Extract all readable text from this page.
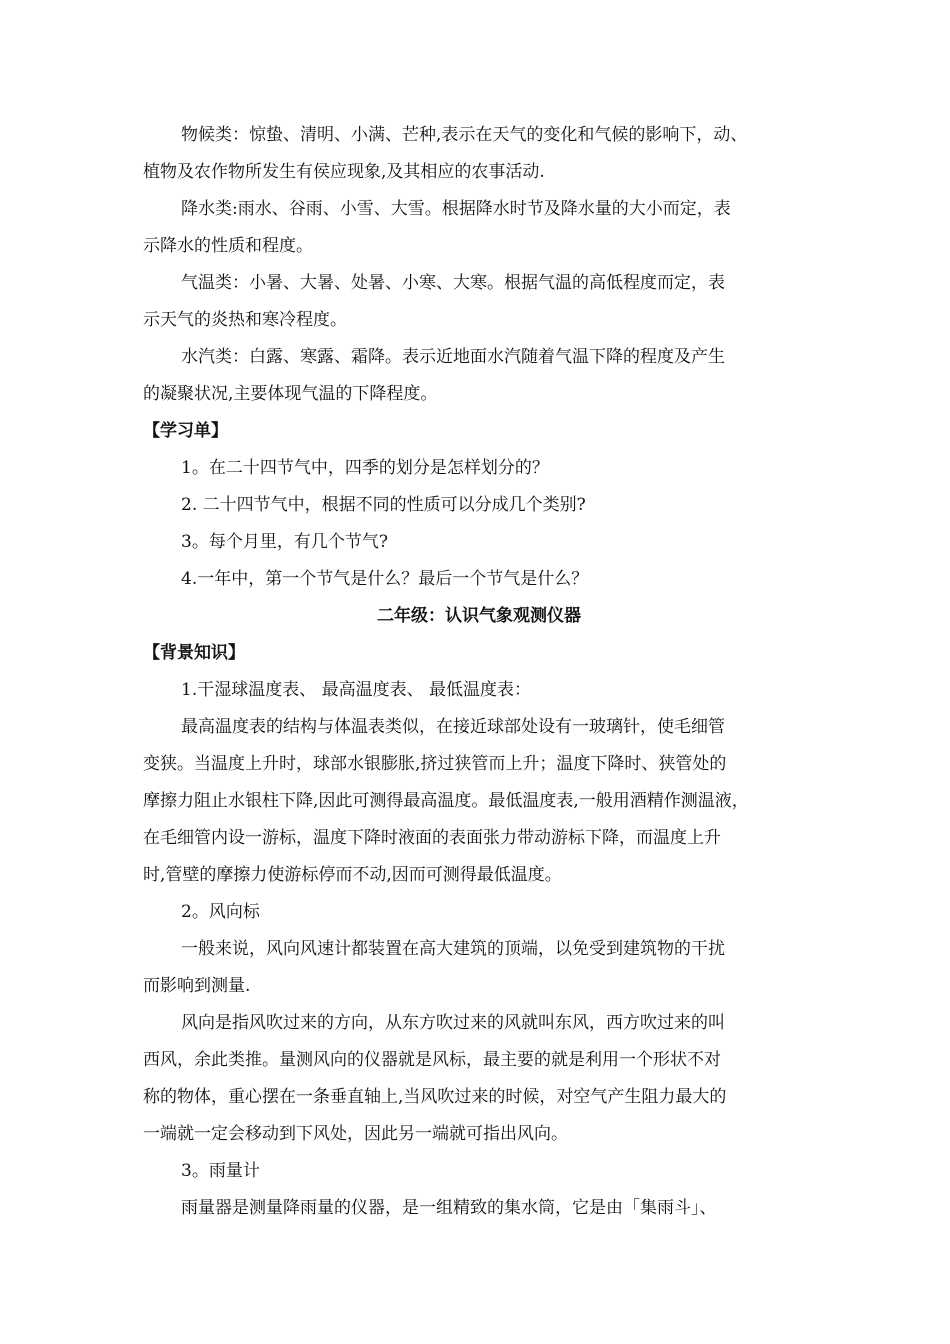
物候类：惊蛰、清明、小满、芒种,表示在天气的变化和气候的影响下，动、

植物及农作物所发生有侯应现象,及其相应的农事活动.

降水类:雨水、谷雨、小雪、大雪。根据降水时节及降水量的大小而定，表

示降水的性质和程度。

气温类：小暑、大暑、处暑、小寒、大寒。根据气温的高低程度而定，表

示天气的炎热和寒冷程度。

水汽类：白露、寒露、霜降。表示近地面水汽随着气温下降的程度及产生

的凝聚状况,主要体现气温的下降程度。

【学习单】

1。在二十四节气中，四季的划分是怎样划分的？

2. 二十四节气中，根据不同的性质可以分成几个类别?

3。每个月里，有几个节气?

4.一年中，第一个节气是什么？最后一个节气是什么？

二年级：认识气象观测仪器

【背景知识】

1.干湿球温度表、 最高温度表、 最低温度表：

最高温度表的结构与体温表类似，在接近球部处设有一玻璃针，使毛细管

变狭。当温度上升时，球部水银膨胀,挤过狭管而上升；温度下降时、狭管处的

摩擦力阻止水银柱下降,因此可测得最高温度。最低温度表,一般用酒精作测温液，

在毛细管内设一游标，温度下降时液面的表面张力带动游标下降，而温度上升

时,管壁的摩擦力使游标停而不动,因而可测得最低温度。

2。风向标

一般来说，风向风速计都装置在高大建筑的顶端，以免受到建筑物的干扰

而影响到测量.

风向是指风吹过来的方向，从东方吹过来的风就叫东风，西方吹过来的叫

西风，余此类推。量测风向的仪器就是风标，最主要的就是利用一个形状不对

称的物体，重心摆在一条垂直轴上,当风吹过来的时候，对空气产生阻力最大的

一端就一定会移动到下风处，因此另一端就可指出风向。

3。雨量计

雨量器是测量降雨量的仪器，是一组精致的集水筒，它是由「集雨斗」、
